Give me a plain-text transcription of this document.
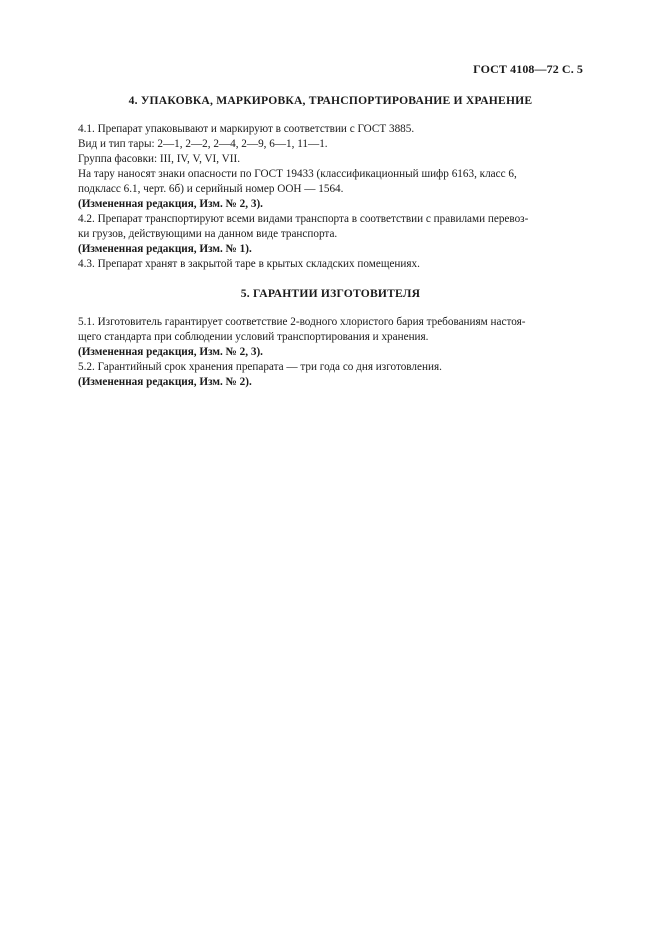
ГОСТ 4108—72 С. 5
4. УПАКОВКА, МАРКИРОВКА, ТРАНСПОРТИРОВАНИЕ И ХРАНЕНИЕ

4.1. Препарат упаковывают и маркируют в соответствии с ГОСТ 3885.

Вид и тип тары: 2—1, 2—2, 2—4, 2—9, 6—1, 11—1.

Группа фасовки: III, IV, V, VI, VII.

На тару наносят знаки опасности по ГОСТ 19433 (классификационный шифр 6163, класс 6,

подкласс 6.1, черт. 6б) и серийный номер ООН — 1564.

(Измененная редакция, Изм. № 2, 3).

4.2. Препарат транспортируют всеми видами транспорта в соответствии с правилами перевоз-

ки грузов, действующими на данном виде транспорта.

(Измененная редакция, Изм. № 1).

4.3. Препарат хранят в закрытой таре в крытых складских помещениях.

5. ГАРАНТИИ ИЗГОТОВИТЕЛЯ

5.1. Изготовитель гарантирует соответствие 2-водного хлористого бария требованиям настоя-

щего стандарта при соблюдении условий транспортирования и хранения.

(Измененная редакция, Изм. № 2, 3).

5.2. Гарантийный срок хранения препарата — три года со дня изготовления.

(Измененная редакция, Изм. № 2).
